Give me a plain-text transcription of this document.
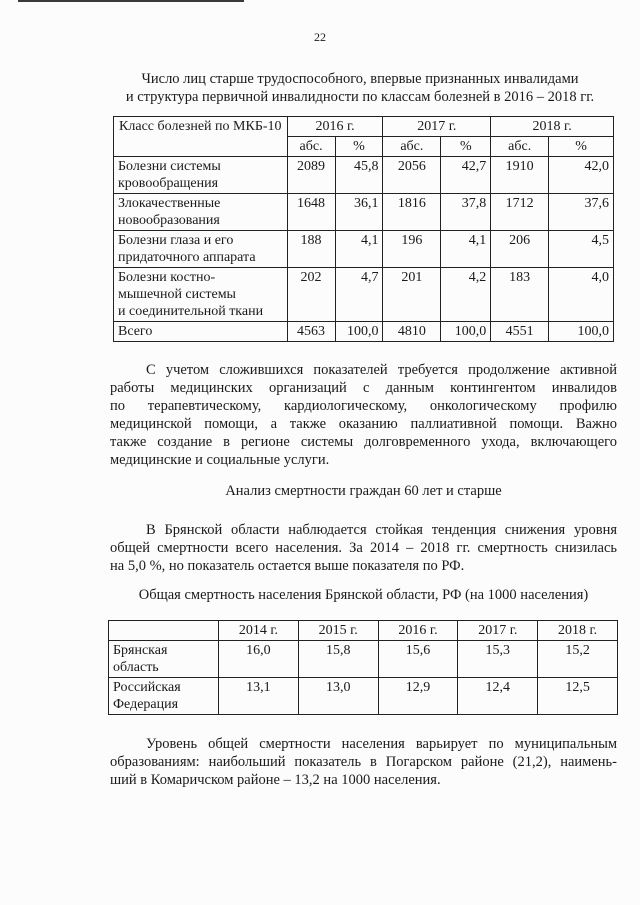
22
Число лиц старше трудоспособного, впервые признанных инвалидами
и структура первичной инвалидности по классам болезней в 2016 – 2018 гг.
Класс болезней по МКБ-10	2016 г.		2017 г.		2018 г.	
	абс.	%	абс.	%	абс.	%

Болезни системы
кровообращения	2089	45,8	2056	42,7	1910	42,0

Злокачественные
новообразования	1648	36,1	1816	37,8	1712	37,6

Болезни глаза и его
придаточного аппарата	188	4,1	196	4,1	206	4,5

Болезни костно-
мышечной системы
и соединительной ткани	202	4,7	201	4,2	183	4,0

Всего	4563	100,0	4810	100,0	4551	100,0
С учетом сложившихся показателей требуется продолжение активной
работы медицинских организаций с данным контингентом инвалидов
по терапевтическому, кардиологическому, онкологическому профилю
медицинской помощи, а также оказанию паллиативной помощи. Важно
также создание в регионе системы долговременного ухода, включающего
медицинские и социальные услуги.
Анализ смертности граждан 60 лет и старше
В Брянской области наблюдается стойкая тенденция снижения уровня
общей смертности всего населения. За 2014 – 2018 гг. смертность снизилась
на 5,0 %, но показатель остается выше показателя по РФ.
Общая смертность населения Брянской области, РФ (на 1000 населения)
	2014 г.	2015 г.	2016 г.	2017 г.	2018 г.

Брянская
область	16,0	15,8	15,6	15,3	15,2

Российская
Федерация	13,1	13,0	12,9	12,4	12,5
Уровень общей смертности населения варьирует по муниципальным
образованиям: наибольший показатель в Погарском районе (21,2), наимень-
ший в Комаричском районе – 13,2 на 1000 населения.
